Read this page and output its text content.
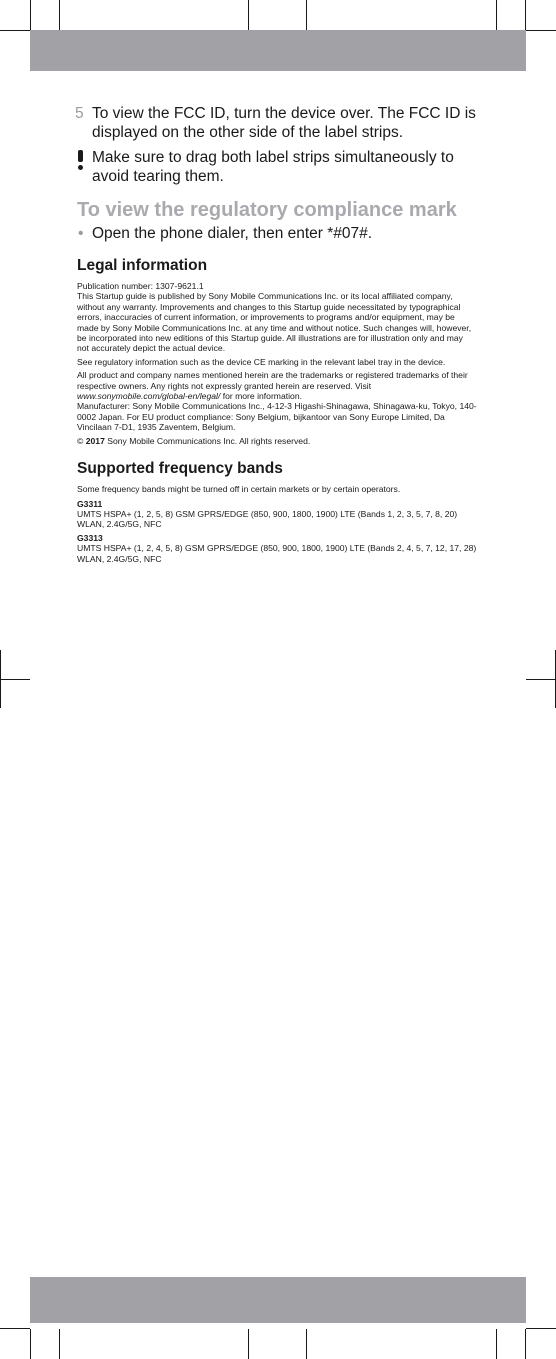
5 To view the FCC ID, turn the device over. The FCC ID is displayed on the other side of the label strips.
Make sure to drag both label strips simultaneously to avoid tearing them.
To view the regulatory compliance mark
• Open the phone dialer, then enter *#07#.
Legal information

Publication number: 1307-9621.1

This Startup guide is published by Sony Mobile Communications Inc. or its local affiliated company, without any warranty. Improvements and changes to this Startup guide necessitated by typographical errors, inaccuracies of current information, or improvements to programs and/or equipment, may be made by Sony Mobile Communications Inc. at any time and without notice. Such changes will, however, be incorporated into new editions of this Startup guide. All illustrations are for illustration only and may not accurately depict the actual device.

See regulatory information such as the device CE marking in the relevant label tray in the device.

All product and company names mentioned herein are the trademarks or registered trademarks of their respective owners. Any rights not expressly granted herein are reserved. Visit www.sonymobile.com/global-en/legal/ for more information.

Manufacturer: Sony Mobile Communications Inc., 4-12-3 Higashi-Shinagawa, Shinagawa-ku, Tokyo, 140-0002 Japan. For EU product compliance: Sony Belgium, bijkantoor van Sony Europe Limited, Da Vincilaan 7-D1, 1935 Zaventem, Belgium.

© 2017 Sony Mobile Communications Inc. All rights reserved.

Supported frequency bands

Some frequency bands might be turned off in certain markets or by certain operators.

G3311

UMTS HSPA+ (1, 2, 5, 8) GSM GPRS/EDGE (850, 900, 1800, 1900) LTE (Bands 1, 2, 3, 5, 7, 8, 20) WLAN, 2.4G/5G, NFC

G3313

UMTS HSPA+ (1, 2, 4, 5, 8) GSM GPRS/EDGE (850, 900, 1800, 1900) LTE (Bands 2, 4, 5, 7, 12, 17, 28) WLAN, 2.4G/5G, NFC
